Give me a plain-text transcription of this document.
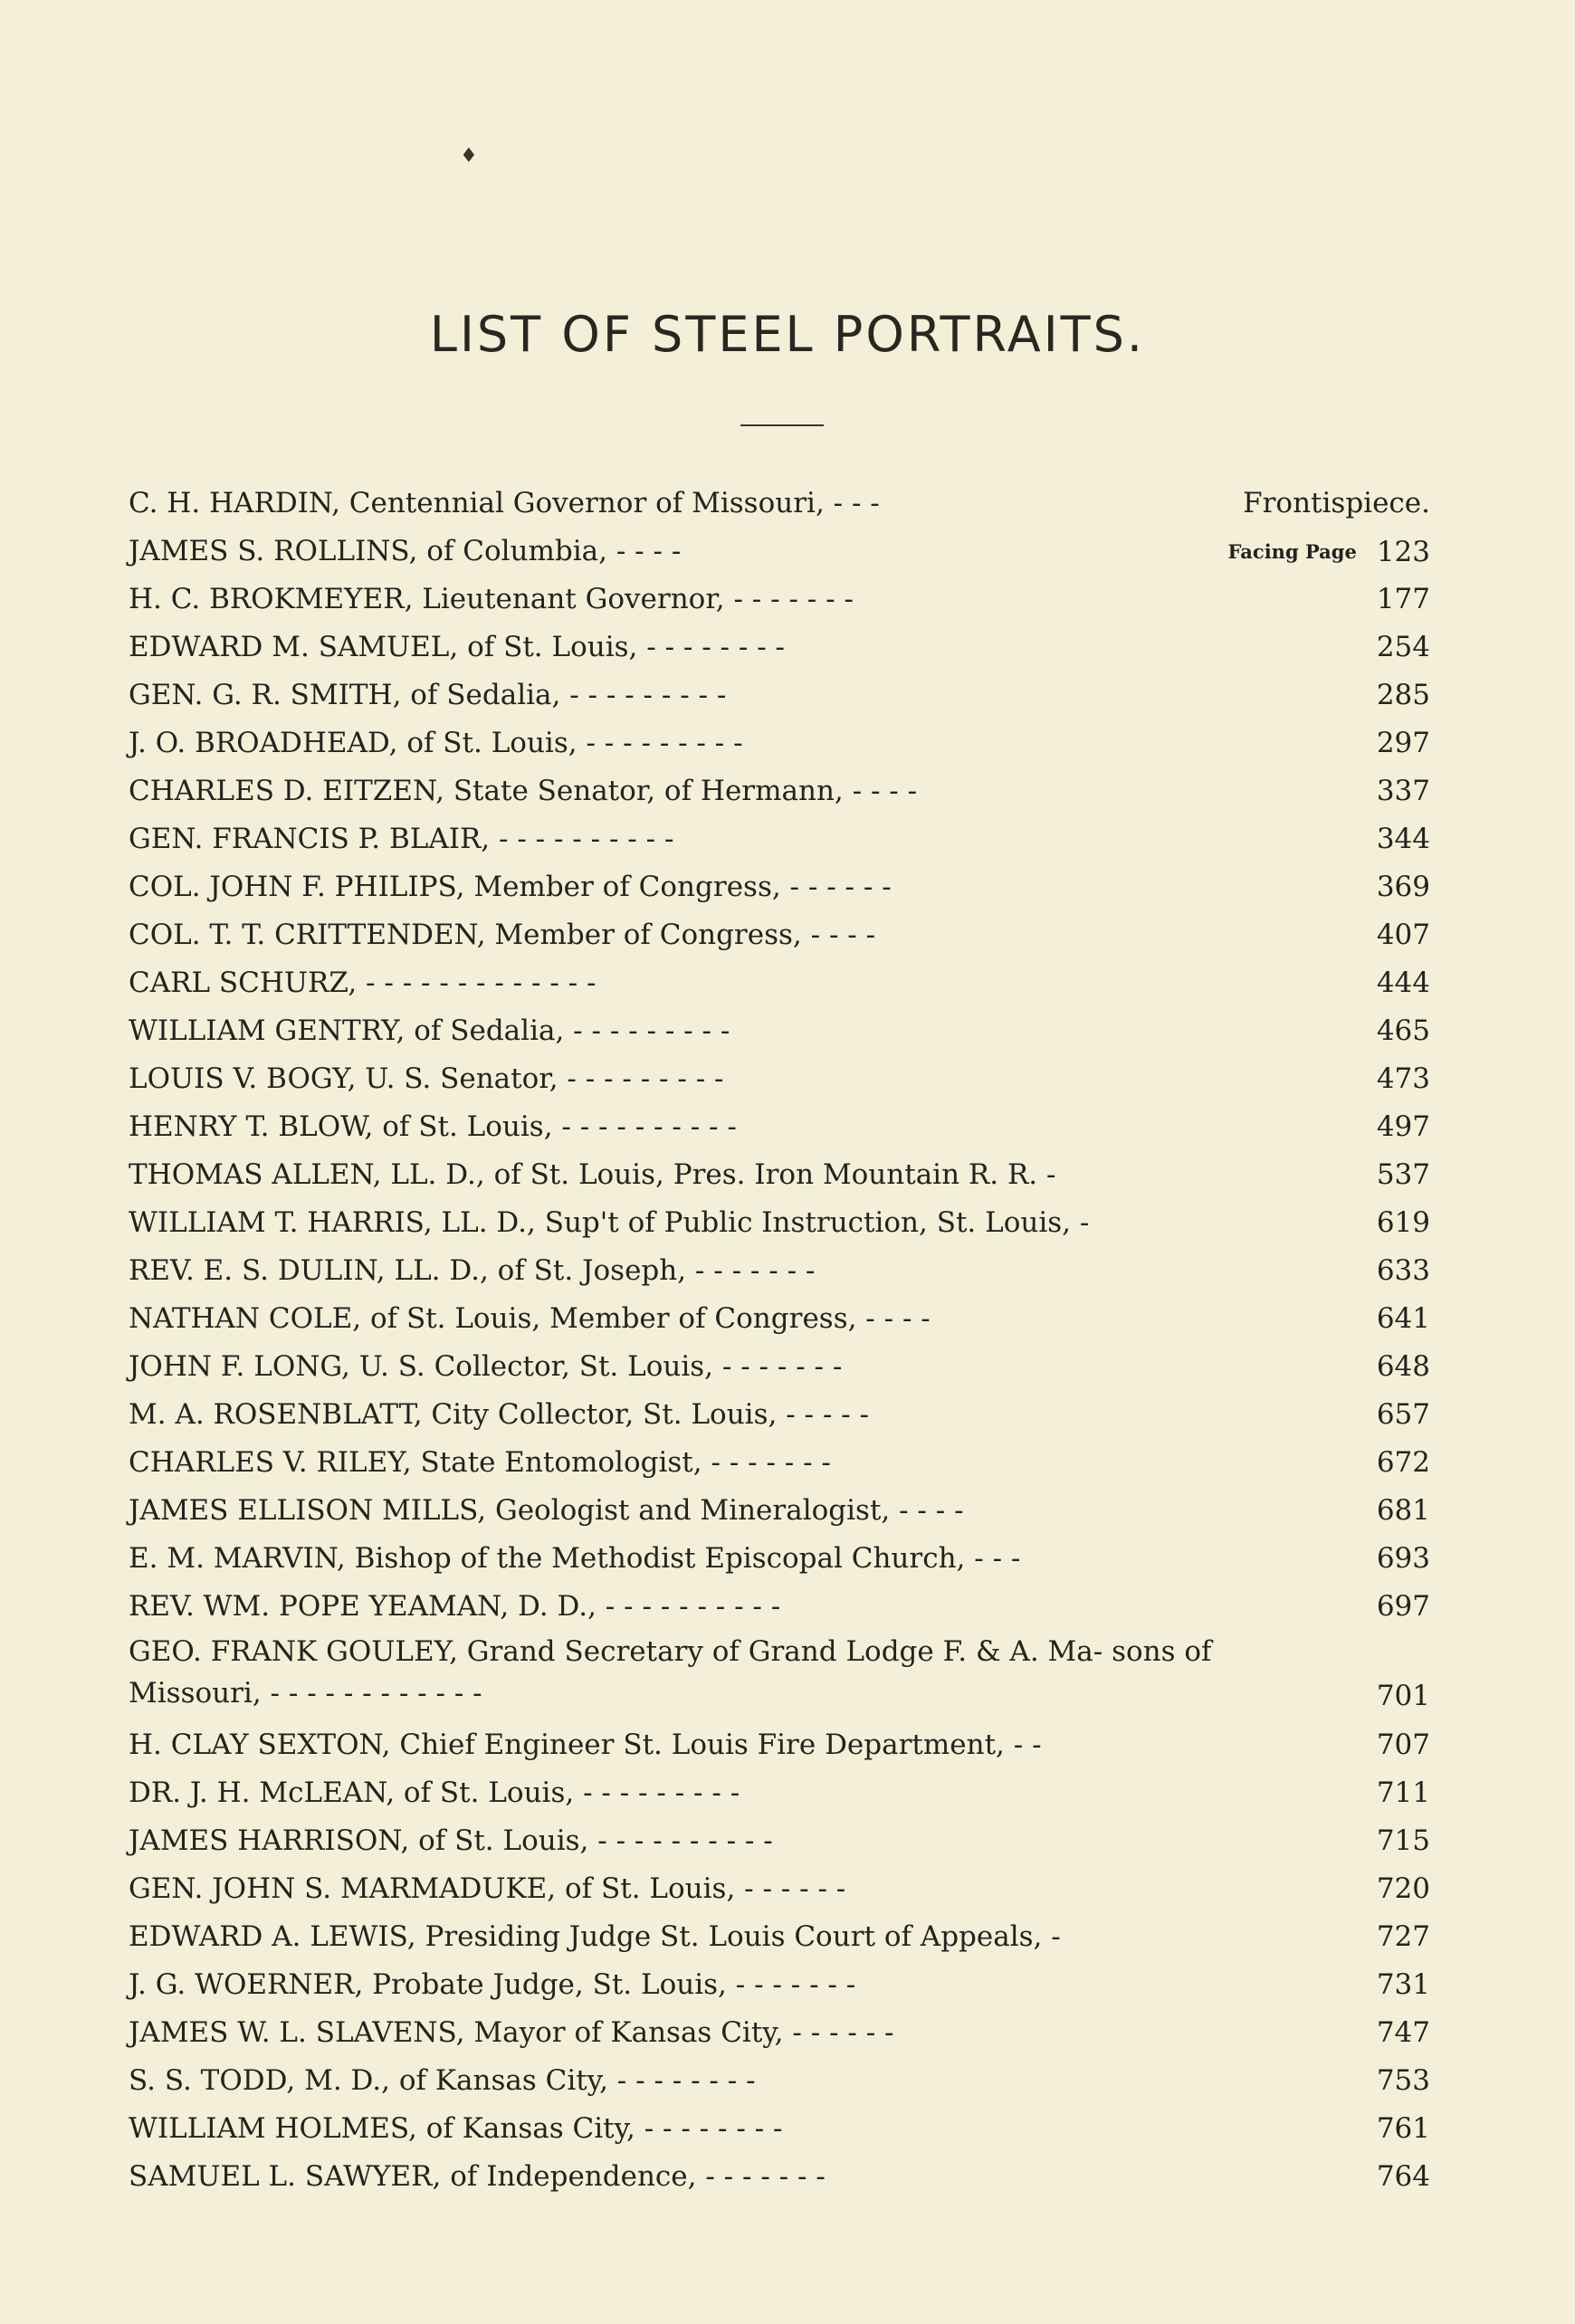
♦
LIST OF STEEL PORTRAITS.
C. H. HARDIN, Centennial Governor of Missouri, - - -	Frontispiece.
JAMES S. ROLLINS, of Columbia, - - - -	Facing Page 123
H. C. BROKMEYER, Lieutenant Governor, - - - - - - -	177
EDWARD M. SAMUEL, of St. Louis, - - - - - - - -	254
GEN. G. R. SMITH, of Sedalia, - - - - - - - - -	285
J. O. BROADHEAD, of St. Louis, - - - - - - - - -	297
CHARLES D. EITZEN, State Senator, of Hermann, - - - -	337
GEN. FRANCIS P. BLAIR, - - - - - - - - - -	344
COL. JOHN F. PHILIPS, Member of Congress, - - - - - -	369
COL. T. T. CRITTENDEN, Member of Congress, - - - -	407
CARL SCHURZ, - - - - - - - - - - - - -	444
WILLIAM GENTRY, of Sedalia, - - - - - - - - -	465
LOUIS V. BOGY, U. S. Senator, - - - - - - - - -	473
HENRY T. BLOW, of St. Louis, - - - - - - - - - -	497
THOMAS ALLEN, LL. D., of St. Louis, Pres. Iron Mountain R. R. -	537
WILLIAM T. HARRIS, LL. D., Sup't of Public Instruction, St. Louis, -	619
REV. E. S. DULIN, LL. D., of St. Joseph, - - - - - - -	633
NATHAN COLE, of St. Louis, Member of Congress, - - - -	641
JOHN F. LONG, U. S. Collector, St. Louis, - - - - - - -	648
M. A. ROSENBLATT, City Collector, St. Louis, - - - - -	657
CHARLES V. RILEY, State Entomologist, - - - - - - -	672
JAMES ELLISON MILLS, Geologist and Mineralogist, - - - -	681
E. M. MARVIN, Bishop of the Methodist Episcopal Church, - - -	693
REV. WM. POPE YEAMAN, D. D., - - - - - - - - - -	697
GEO. FRANK GOULEY, Grand Secretary of Grand Lodge F. & A. Ma- sons of Missouri, - - - - - - - - - - - -	701
H. CLAY SEXTON, Chief Engineer St. Louis Fire Department, - -	707
DR. J. H. McLEAN, of St. Louis, - - - - - - - - -	711
JAMES HARRISON, of St. Louis, - - - - - - - - - -	715
GEN. JOHN S. MARMADUKE, of St. Louis, - - - - - -	720
EDWARD A. LEWIS, Presiding Judge St. Louis Court of Appeals, -	727
J. G. WOERNER, Probate Judge, St. Louis, - - - - - - -	731
JAMES W. L. SLAVENS, Mayor of Kansas City, - - - - - -	747
S. S. TODD, M. D., of Kansas City, - - - - - - - -	753
WILLIAM HOLMES, of Kansas City, - - - - - - - -	761
SAMUEL L. SAWYER, of Independence, - - - - - - -	764
